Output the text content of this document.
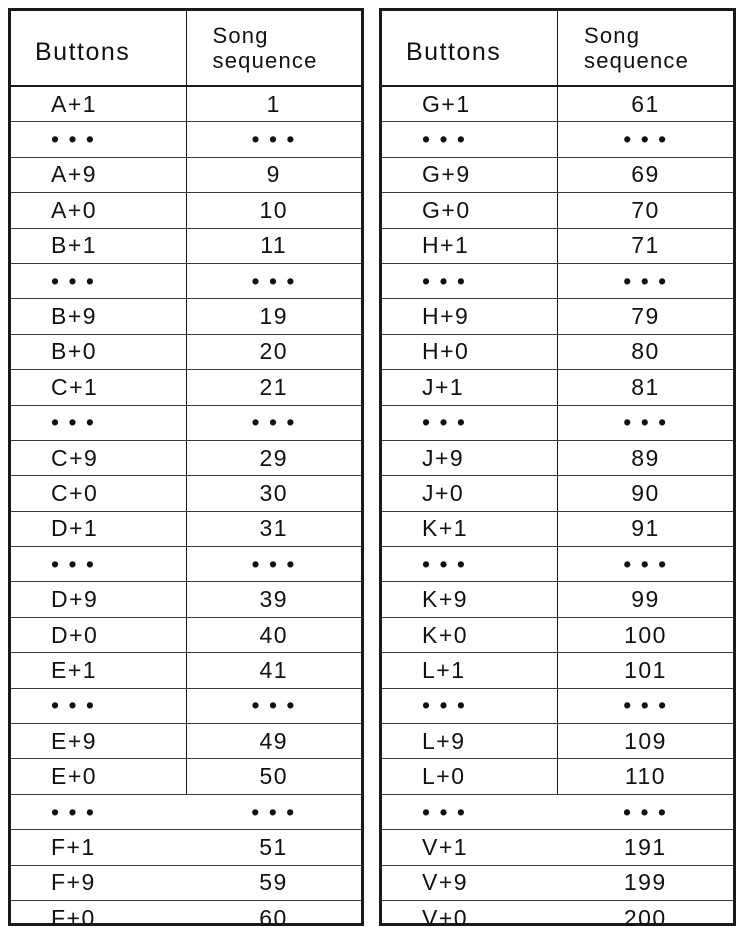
Buttons	Song
sequence
A+1	1
• • •	• • •
A+9	9
A+0	10
B+1	11
• • •	• • •
B+9	19
B+0	20
C+1	21
• • •	• • •
C+9	29
C+0	30
D+1	31
• • •	• • •
D+9	39
D+0	40
E+1	41
• • •	• • •
E+9	49
E+0	50
• • •	• • •
F+1	51
F+9	59
F+0	60
Buttons	Song
sequence
G+1	61
• • •	• • •
G+9	69
G+0	70
H+1	71
• • •	• • •
H+9	79
H+0	80
J+1	81
• • •	• • •
J+9	89
J+0	90
K+1	91
• • •	• • •
K+9	99
K+0	100
L+1	101
• • •	• • •
L+9	109
L+0	110
• • •	• • •
V+1	191
V+9	199
V+0	200
